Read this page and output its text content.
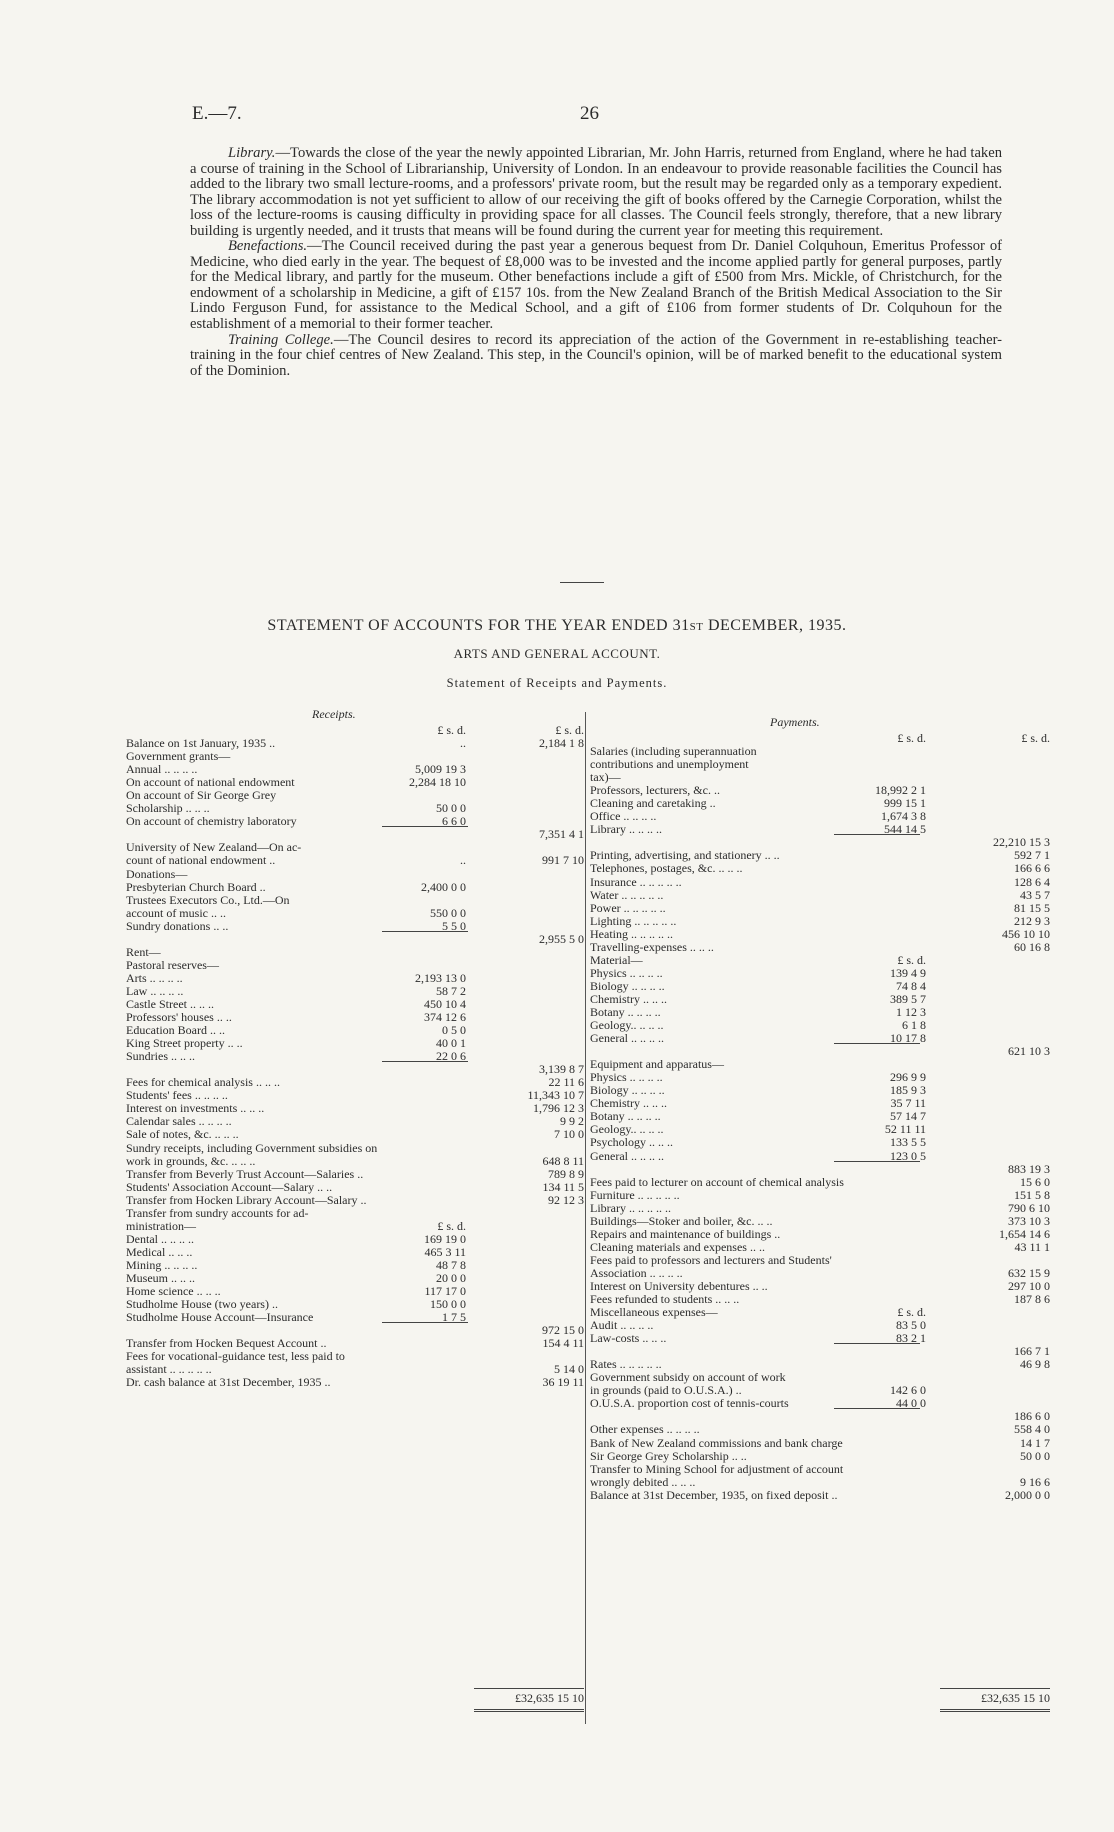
E.—7.	26

Library.—Towards the close of the year the newly appointed Librarian, Mr. John Harris, returned from England, where he had taken a course of training in the School of Librarianship, University of London. In an endeavour to provide reasonable facilities the Council has added to the library two small lecture-rooms, and a professors' private room, but the result may be regarded only as a temporary expedient. The library accommodation is not yet sufficient to allow of our receiving the gift of books offered by the Carnegie Corporation, whilst the loss of the lecture-rooms is causing difficulty in providing space for all classes. The Council feels strongly, therefore, that a new library building is urgently needed, and it trusts that means will be found during the current year for meeting this requirement.

Benefactions.—The Council received during the past year a generous bequest from Dr. Daniel Colquhoun, Emeritus Professor of Medicine, who died early in the year. The bequest of £8,000 was to be invested and the income applied partly for general purposes, partly for the Medical library, and partly for the museum. Other benefactions include a gift of £500 from Mrs. Mickle, of Christchurch, for the endowment of a scholarship in Medicine, a gift of £157 10s. from the New Zealand Branch of the British Medical Association to the Sir Lindo Ferguson Fund, for assistance to the Medical School, and a gift of £106 from former students of Dr. Colquhoun for the establishment of a memorial to their former teacher.

Training College.—The Council desires to record its appreciation of the action of the Government in re-establishing teacher-training in the four chief centres of New Zealand. This step, in the Council's opinion, will be of marked benefit to the educational system of the Dominion.

STATEMENT OF ACCOUNTS FOR THE YEAR ENDED 31ST DECEMBER, 1935.
ARTS AND GENERAL ACCOUNT.
Statement of Receipts and Payments.
Receipts.
£ s. d.	£ s. d.
Balance on 1st January, 1935 ..	..	2,184 1 8
Government grants—
Annual .. .. .. ..	5,009 19 3
On account of national endowment	2,284 18 10
On account of Sir George Grey
Scholarship .. .. ..	50 0 0
On account of chemistry laboratory	6 6 0
7,351 4 1
University of New Zealand—On ac-
count of national endowment ..	..	991 7 10
Donations—
Presbyterian Church Board ..	2,400 0 0
Trustees Executors Co., Ltd.—On
account of music .. ..	550 0 0
Sundry donations .. ..	5 5 0
2,955 5 0
Rent—
Pastoral reserves—
Arts .. .. .. ..	2,193 13 0
Law .. .. .. ..	58 7 2
Castle Street .. .. ..	450 10 4
Professors' houses .. ..	374 12 6
Education Board .. ..	0 5 0
King Street property .. ..	40 0 1
Sundries .. .. ..	22 0 6
3,139 8 7
Fees for chemical analysis .. .. ..	22 11 6
Students' fees .. .. .. ..	11,343 10 7
Interest on investments .. .. ..	1,796 12 3
Calendar sales .. .. .. ..	9 9 2
Sale of notes, &c. .. .. ..	7 10 0
Sundry receipts, including Government subsidies on
work in grounds, &c. .. .. ..	648 8 11
Transfer from Beverly Trust Account—Salaries ..	789 8 9
Students' Association Account—Salary .. ..	134 11 5
Transfer from Hocken Library Account—Salary ..	92 12 3
Transfer from sundry accounts for ad-
ministration—	£ s. d.
Dental .. .. .. ..	169 19 0
Medical .. .. ..	465 3 11
Mining .. .. .. ..	48 7 8
Museum .. .. ..	20 0 0
Home science .. .. ..	117 17 0
Studholme House (two years) ..	150 0 0
Studholme House Account—Insurance	1 7 5
972 15 0
Transfer from Hocken Bequest Account ..	154 4 11
Fees for vocational-guidance test, less paid to
assistant .. .. .. .. ..	5 14 0
Dr. cash balance at 31st December, 1935 ..	36 19 11
£32,635 15 10
Payments.
£ s. d.	£ s. d.
Salaries (including superannuation
contributions and unemployment
tax)—
Professors, lecturers, &c. ..	18,992 2 1
Cleaning and caretaking ..	999 15 1
Office .. .. .. ..	1,674 3 8
Library .. .. .. ..	544 14 5
22,210 15 3
Printing, advertising, and stationery .. ..	592 7 1
Telephones, postages, &c. .. .. ..	166 6 6
Insurance .. .. .. .. ..	128 6 4
Water .. .. .. .. ..	43 5 7
Power .. .. .. .. ..	81 15 5
Lighting .. .. .. .. ..	212 9 3
Heating .. .. .. .. ..	456 10 10
Travelling-expenses .. .. ..	60 16 8
Material—	£ s. d.
Physics .. .. .. ..	139 4 9
Biology .. .. .. ..	74 8 4
Chemistry .. .. ..	389 5 7
Botany .. .. .. ..	1 12 3
Geology.. .. .. ..	6 1 8
General .. .. .. ..	10 17 8
621 10 3
Equipment and apparatus—
Physics .. .. .. ..	296 9 9
Biology .. .. .. ..	185 9 3
Chemistry .. .. ..	35 7 11
Botany .. .. .. ..	57 14 7
Geology.. .. .. ..	52 11 11
Psychology .. .. ..	133 5 5
General .. .. .. ..	123 0 5
883 19 3
Fees paid to lecturer on account of chemical analysis	15 6 0
Furniture .. .. .. .. ..	151 5 8
Library .. .. .. .. ..	790 6 10
Buildings—Stoker and boiler, &c. .. ..	373 10 3
Repairs and maintenance of buildings ..	1,654 14 6
Cleaning materials and expenses .. ..	43 11 1
Fees paid to professors and lecturers and Students'
Association .. .. .. ..	632 15 9
Interest on University debentures .. ..	297 10 0
Fees refunded to students .. .. ..	187 8 6
Miscellaneous expenses—	£ s. d.
Audit .. .. .. ..	83 5 0
Law-costs .. .. ..	83 2 1
166 7 1
Rates .. .. .. .. ..	46 9 8
Government subsidy on account of work
in grounds (paid to O.U.S.A.) ..	142 6 0
O.U.S.A. proportion cost of tennis-courts	44 0 0
186 6 0
Other expenses .. .. .. ..	558 4 0
Bank of New Zealand commissions and bank charge	14 1 7
Sir George Grey Scholarship .. ..	50 0 0
Transfer to Mining School for adjustment of account
wrongly debited .. .. ..	9 16 6
Balance at 31st December, 1935, on fixed deposit ..	2,000 0 0
£32,635 15 10
